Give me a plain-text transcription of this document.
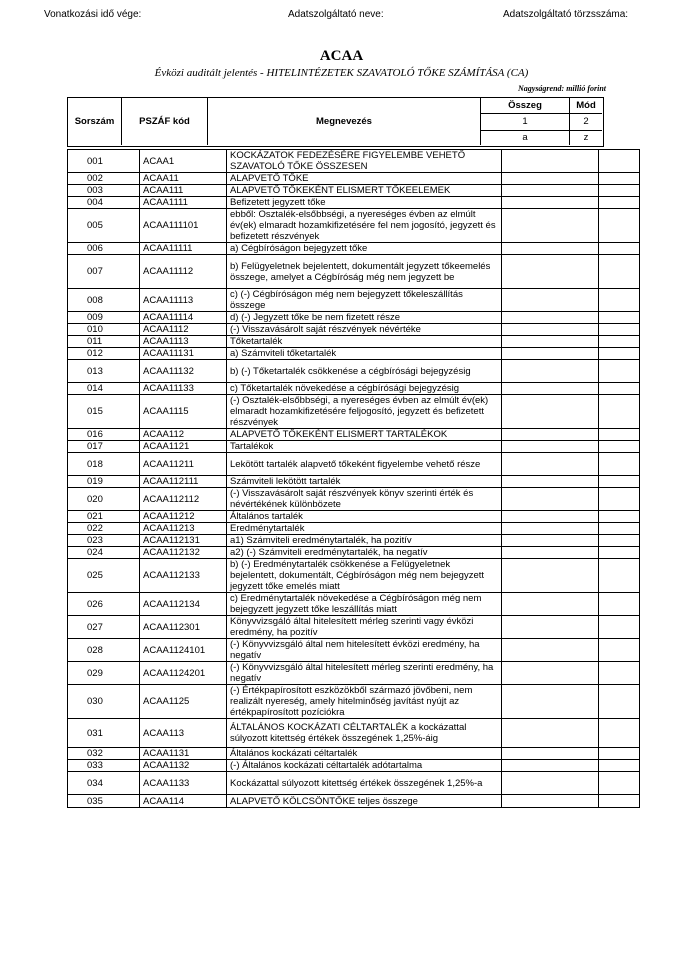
Vonatkozási idő vége:	Adatszolgáltató neve:	Adatszolgáltató törzsszáma:
ACAA
Évközi auditált jelentés - HITELINTÉZETEK SZAVATOLÓ TŐKE SZÁMÍTÁSA (CA)
Nagyságrend: millió forint
Sorszám	PSZÁF kód	Megnevezés
Összeg	Mód
1	2
a	z
001	ACAA1	KOCKÁZATOK FEDEZÉSÉRE FIGYELEMBE VEHETŐ SZAVATOLÓ TŐKE ÖSSZESEN		
002	ACAA11	ALAPVETŐ TŐKE		
003	ACAA111	ALAPVETŐ TŐKEKÉNT ELISMERT TŐKEELEMEK		
004	ACAA1111	Befizetett jegyzett tőke		
005	ACAA111101	ebből: Osztalék-elsőbbségi, a nyereséges évben az elmúlt év(ek) elmaradt hozamkifizetésére fel nem jogosító, jegyzett és befizetett részvények		
006	ACAA11111	a) Cégbíróságon bejegyzett tőke		
007	ACAA11112	b) Felügyeletnek bejelentett, dokumentált jegyzett tőkeemelés összege, amelyet a Cégbíróság még nem jegyzett be		
008	ACAA11113	c) (-) Cégbíróságon még nem bejegyzett tőkeleszállítás összege		
009	ACAA11114	d) (-) Jegyzett tőke be nem fizetett része		
010	ACAA1112	(-) Visszavásárolt saját részvények névértéke		
011	ACAA1113	Tőketartalék		
012	ACAA11131	a) Számviteli tőketartalék		
013	ACAA11132	b) (-) Tőketartalék csökkenése a cégbírósági bejegyzésig		
014	ACAA11133	c) Tőketartalék növekedése a cégbírósági bejegyzésig		
015	ACAA1115	(-) Osztalék-elsőbbségi, a nyereséges évben az elmúlt év(ek) elmaradt hozamkifizetésére feljogosító, jegyzett és befizetett részvények		
016	ACAA112	ALAPVETŐ TŐKEKÉNT ELISMERT TARTALÉKOK		
017	ACAA1121	Tartalékok		
018	ACAA11211	Lekötött tartalék alapvető tőkeként figyelembe vehető része		
019	ACAA112111	Számviteli lekötött tartalék		
020	ACAA112112	(-) Visszavásárolt saját részvények könyv szerinti érték és névértékének különbözete		
021	ACAA11212	Általános tartalék		
022	ACAA11213	Eredménytartalék		
023	ACAA112131	a1) Számviteli eredménytartalék, ha pozitív		
024	ACAA112132	a2) (-) Számviteli eredménytartalék, ha negatív		
025	ACAA112133	b) (-) Eredménytartalék csökkenése a Felügyeletnek bejelentett, dokumentált, Cégbíróságon még nem bejegyzett jegyzett tőke emelés miatt		
026	ACAA112134	c) Eredménytartalék növekedése a Cégbíróságon még nem bejegyzett jegyzett tőke leszállítás miatt		
027	ACAA112301	Könyvvizsgáló által hitelesített mérleg szerinti vagy évközi eredmény, ha pozitív		
028	ACAA1124101	(-) Könyvvizsgáló által nem hitelesített évközi eredmény, ha negatív		
029	ACAA1124201	(-) Könyvvizsgáló által hitelesített mérleg szerinti eredmény, ha negatív		
030	ACAA1125	(-) Értékpapírosított eszközökből származó jövőbeni, nem realizált nyereség, amely hitelminőség javítást nyújt az értékpapírosított pozíciókra		
031	ACAA113	ÁLTALÁNOS KOCKÁZATI CÉLTARTALÉK a kockázattal súlyozott kitettség értékek összegének 1,25%-áig		
032	ACAA1131	Általános kockázati céltartalék		
033	ACAA1132	(-) Általános kockázati céltartalék adótartalma		
034	ACAA1133	Kockázattal súlyozott kitettség értékek összegének 1,25%-a		
035	ACAA114	ALAPVETŐ KÖLCSÖNTŐKE teljes összege		
